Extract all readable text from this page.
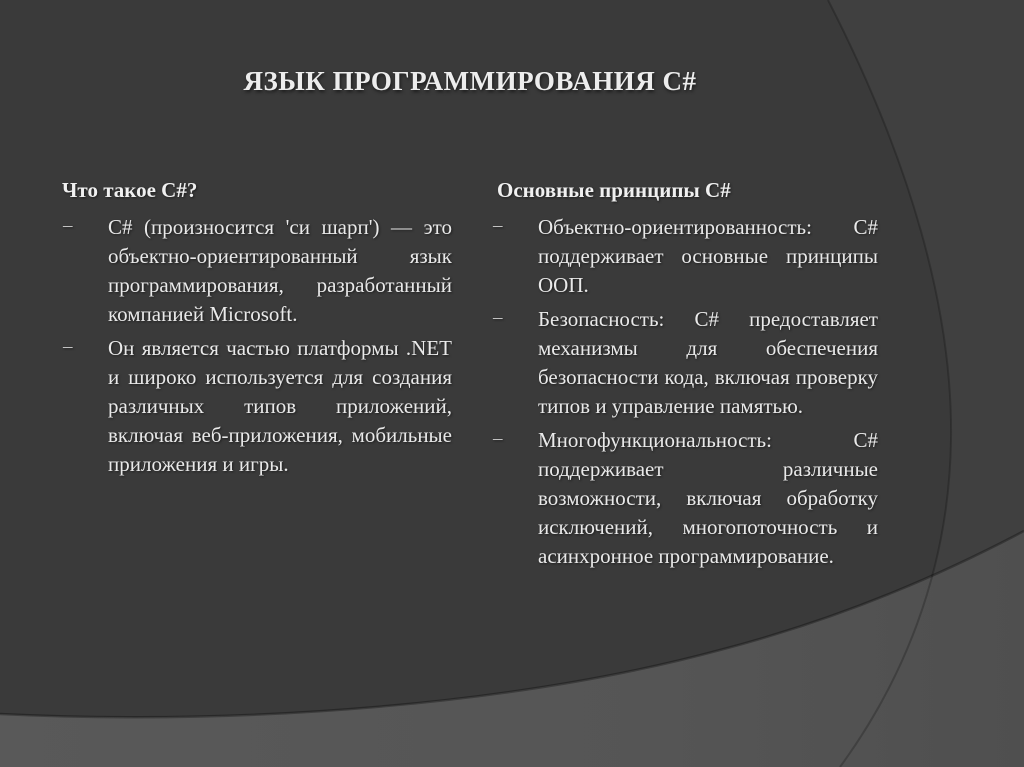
ЯЗЫК ПРОГРАММИРОВАНИЯ C#
Что такое C#?
– C# (произносится 'си шарп') — это объектно-ориентированный язык программирования, разработанный компанией Microsoft.

– Он является частью платформы .NET и широко используется для создания различных типов приложений, включая веб-приложения, мобильные приложения и игры.

Основные принципы C#
– Объектно-ориентированность: C# поддерживает основные принципы ООП.

– Безопасность: C# предоставляет механизмы для обеспечения безопасности кода, включая проверку типов и управление памятью.

– Многофункциональность: C# поддерживает различные возможности, включая обработку исключений, многопоточность и асинхронное программирование.
